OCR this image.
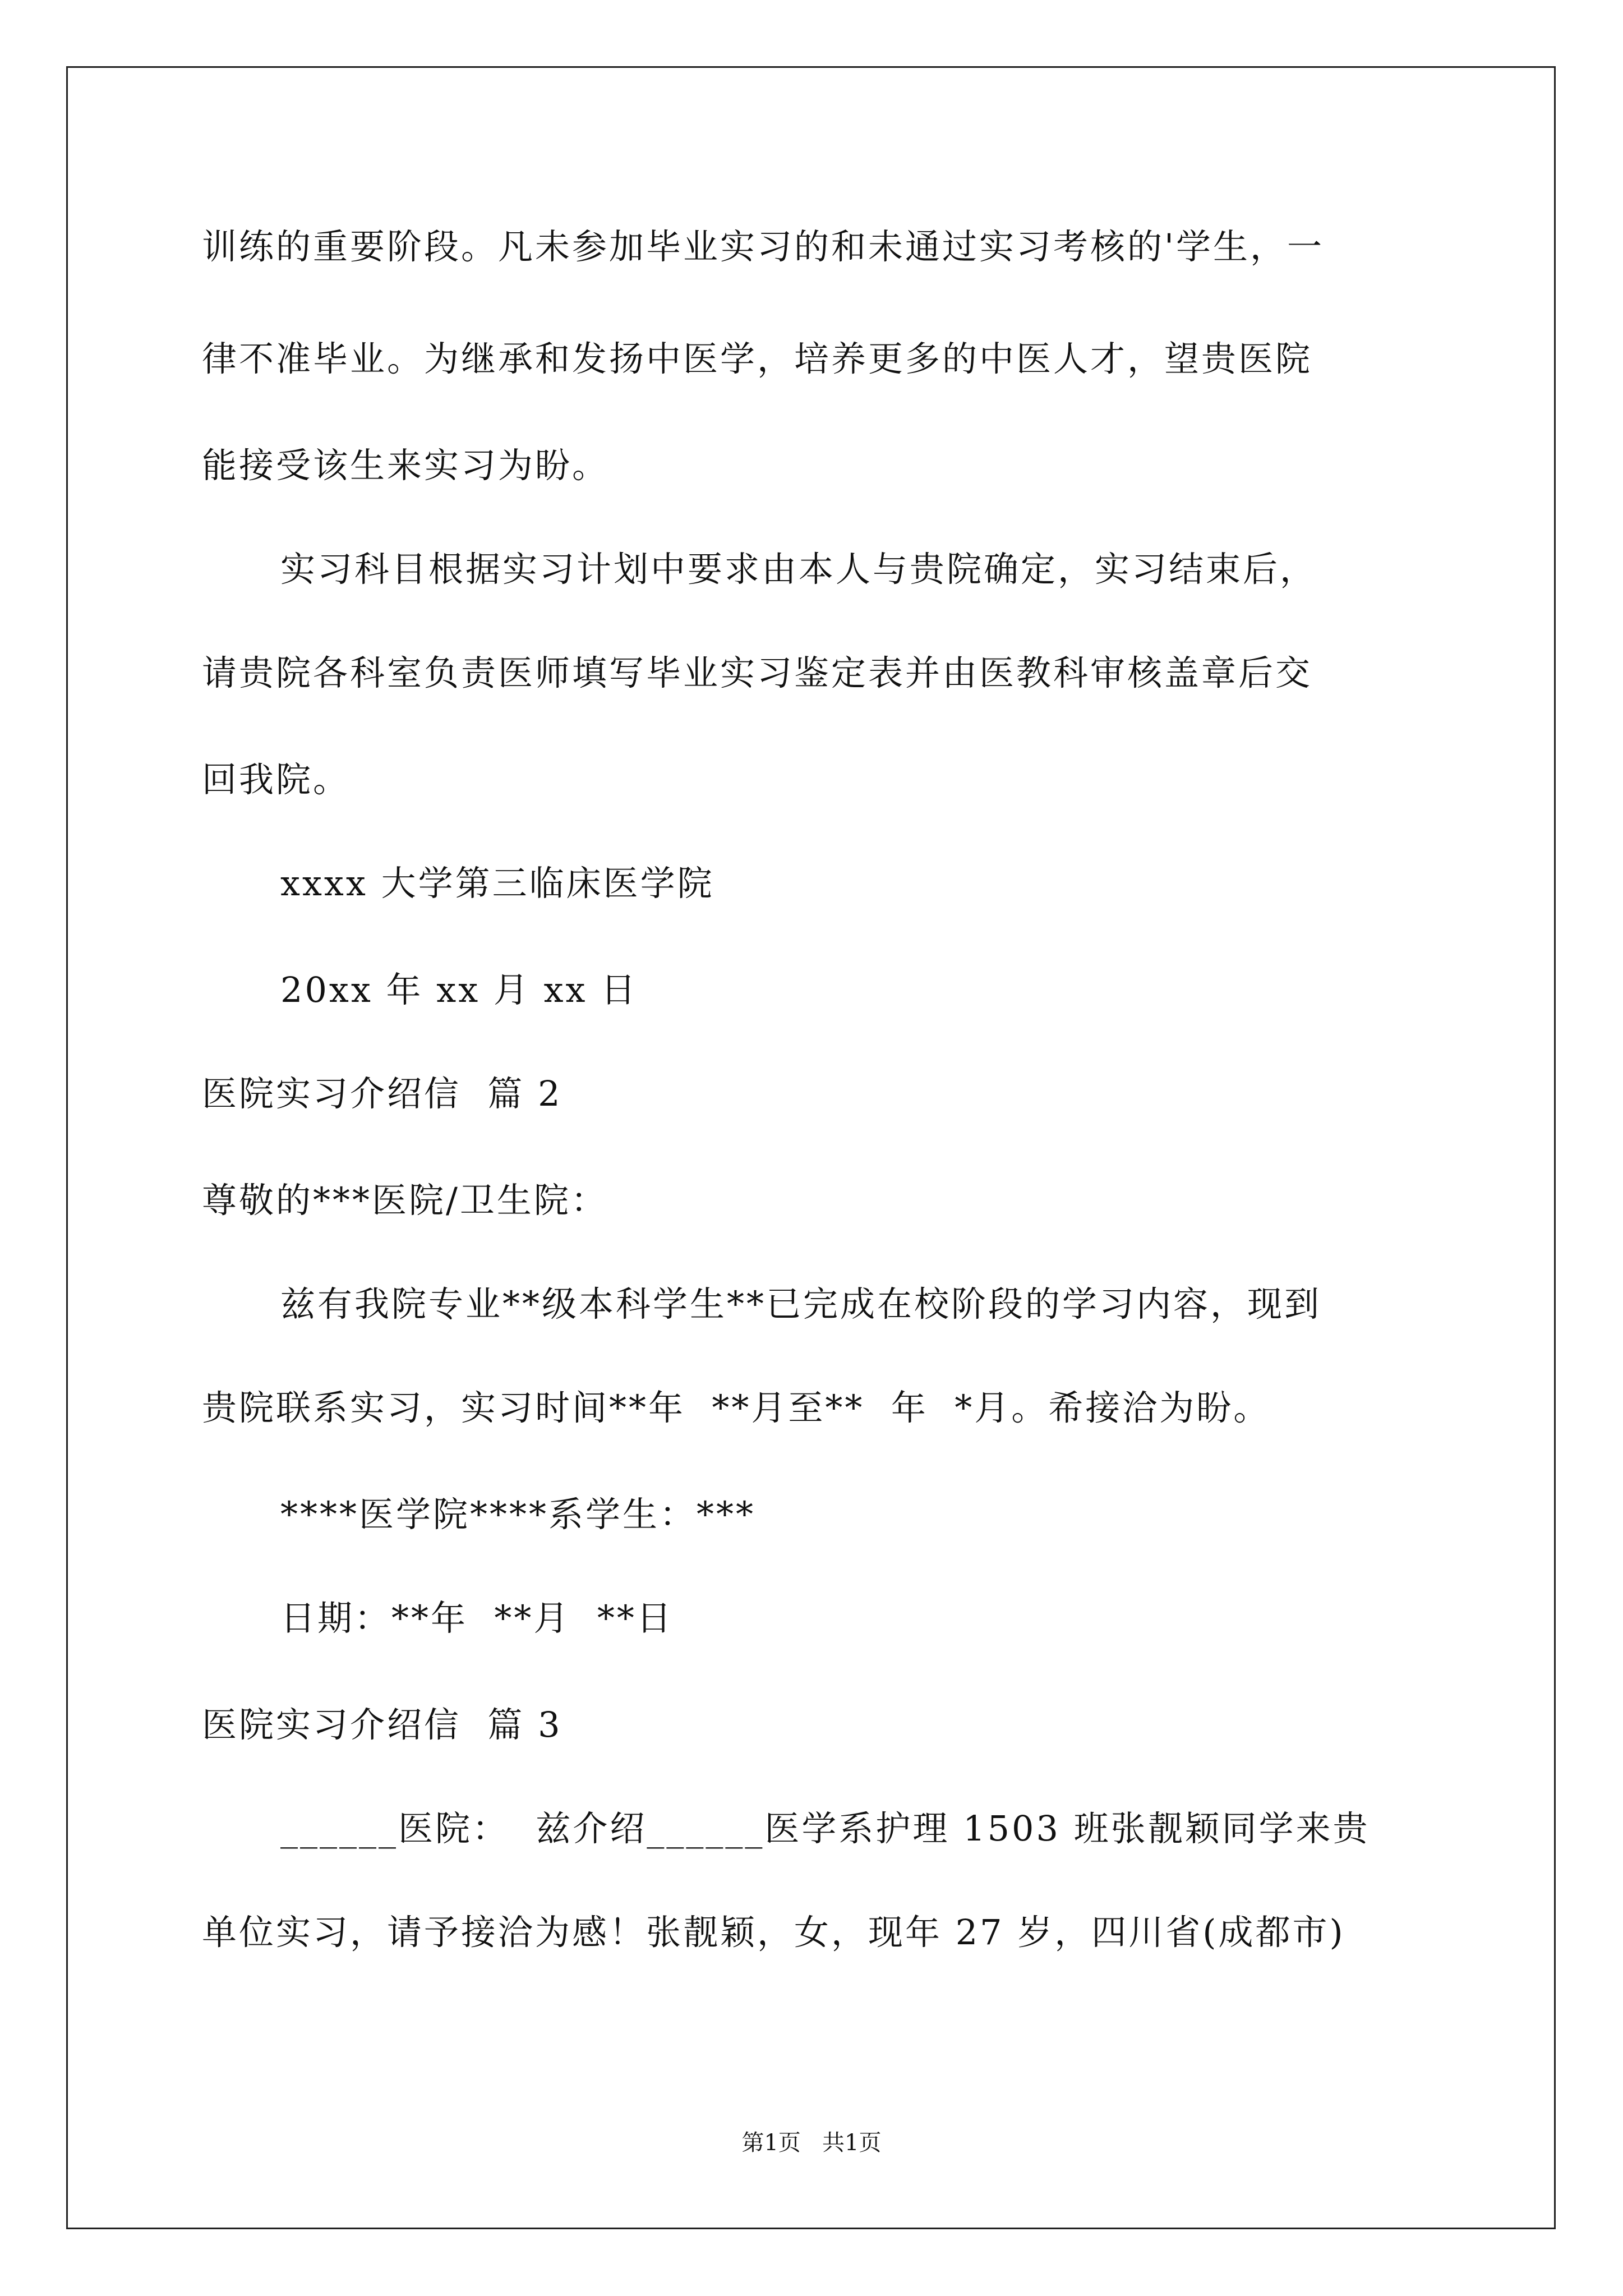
训练的重要阶段。凡未参加毕业实习的和未通过实习考核的'学生，一
律不准毕业。为继承和发扬中医学，培养更多的中医人才，望贵医院
能接受该生来实习为盼。
实习科目根据实习计划中要求由本人与贵院确定，实习结束后，
请贵院各科室负责医师填写毕业实习鉴定表并由医教科审核盖章后交
回我院。
xxxx 大学第三临床医学院
20xx 年 xx 月 xx 日
医院实习介绍信  篇 2
尊敬的***医院/卫生院：
兹有我院专业**级本科学生**已完成在校阶段的学习内容，现到
贵院联系实习，实习时间**年  **月至**  年  *月。希接洽为盼。
****医学院****系学生：***
日期：**年  **月  **日
医院实习介绍信  篇 3
______医院：  兹介绍______医学系护理 1503 班张靓颖同学来贵
单位实习，请予接洽为感！张靓颖，女，现年 27 岁，四川省(成都市)
第1页   共1页
